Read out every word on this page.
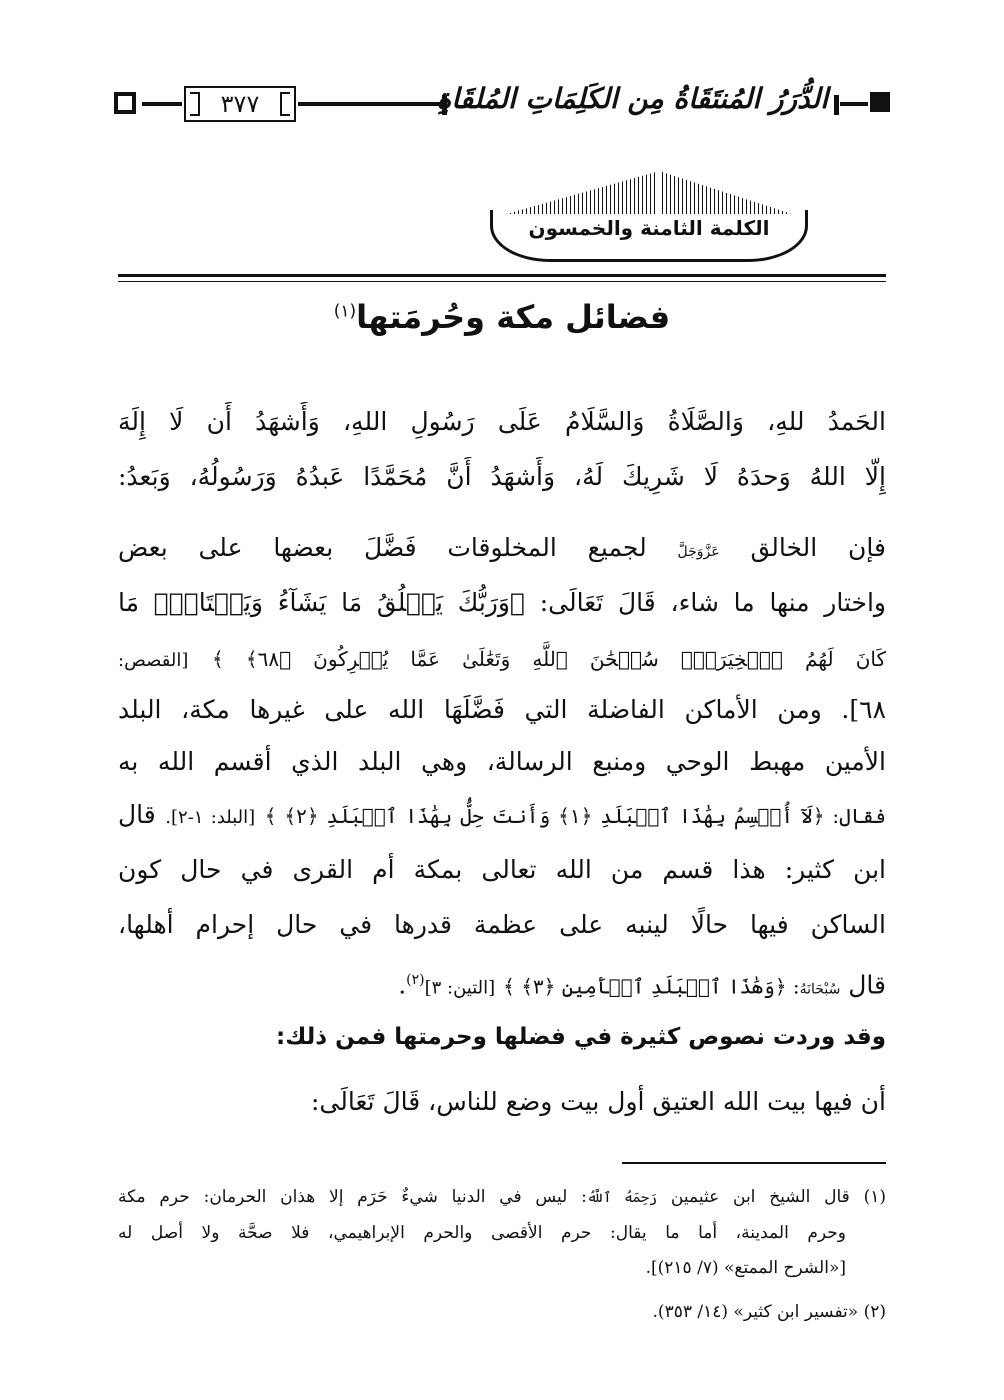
٣٧٧	الدُّرَرُ المُنتَقَاةُ مِن الكَلِمَاتِ المُلقَاةِ
الكلمة الثامنة والخمسون
فضائل مكة وحُرمَتها$^{(١)}$
الحَمدُ للهِ، وَالصَّلَاةُ وَالسَّلَامُ عَلَى رَسُولِ اللهِ، وَأَشهَدُ أَن لَا إِلَهَ
إِلَّا اللهُ وَحدَهُ لَا شَرِيكَ لَهُ، وَأَشهَدُ أَنَّ مُحَمَّدًا عَبدُهُ وَرَسُولُهُ، وَبَعدُ:
فإن الخالق عَزَّوَجَلَّ لجميع المخلوقات فَضَّلَ بعضها على بعض
واختار منها ما شاء، قَالَ تَعَالَى: ﴿وَرَبُّكَ يَخۡلُقُ مَا يَشَآءُ وَيَخۡتَارُۗ مَا
كَانَ لَهُمُ ٱلۡخِيَرَةُۚ سُبۡحَٰنَ ٱللَّهِ وَتَعَٰلَىٰ عَمَّا يُشۡرِكُونَ ﴿٦٨﴾ ﴾ [القصص:
٦٨]. ومن الأماكن الفاضلة التي فَضَّلَهَا الله على غيرها مكة، البلد
الأمين مهبط الوحي ومنبع الرسالة، وهي البلد الذي أقسم الله به
فقال: ﴿لَآ أُقۡسِمُ بِهَٰذَا ٱلۡبَلَدِ ﴿١﴾ وَأَنتَ حِلُّۢ بِهَٰذَا ٱلۡبَلَدِ ﴿٢﴾ ﴾ [البلد: ١-٢]. قال
ابن كثير: هذا قسم من الله تعالى بمكة أم القرى في حال كون
الساكن فيها حالًا لينبه على عظمة قدرها في حال إحرام أهلها،
قال سُبْحَانَهُ: ﴿وَهَٰذَا ٱلۡبَلَدِ ٱلۡأَمِينِ ﴿٣﴾ ﴾ [التين: ٣]$^{(٢)}$.
وقد وردت نصوص كثيرة في فضلها وحرمتها فمن ذلك:
أن فيها بيت الله العتيق أول بيت وضع للناس، قَالَ تَعَالَى:
(١) قال الشيخ ابن عثيمين رَحِمَهُ ٱللَّهُ: ليس في الدنيا شيءٌ حَرَم إلا هذان الحرمان: حرم مكة
وحرم المدينة، أما ما يقال: حرم الأقصى والحرم الإبراهيمي، فلا صحَّة ولا أصل له
[«الشرح الممتع» (٧/ ٢١٥)].
(٢) «تفسير ابن كثير» (١٤/ ٣٥٣).
